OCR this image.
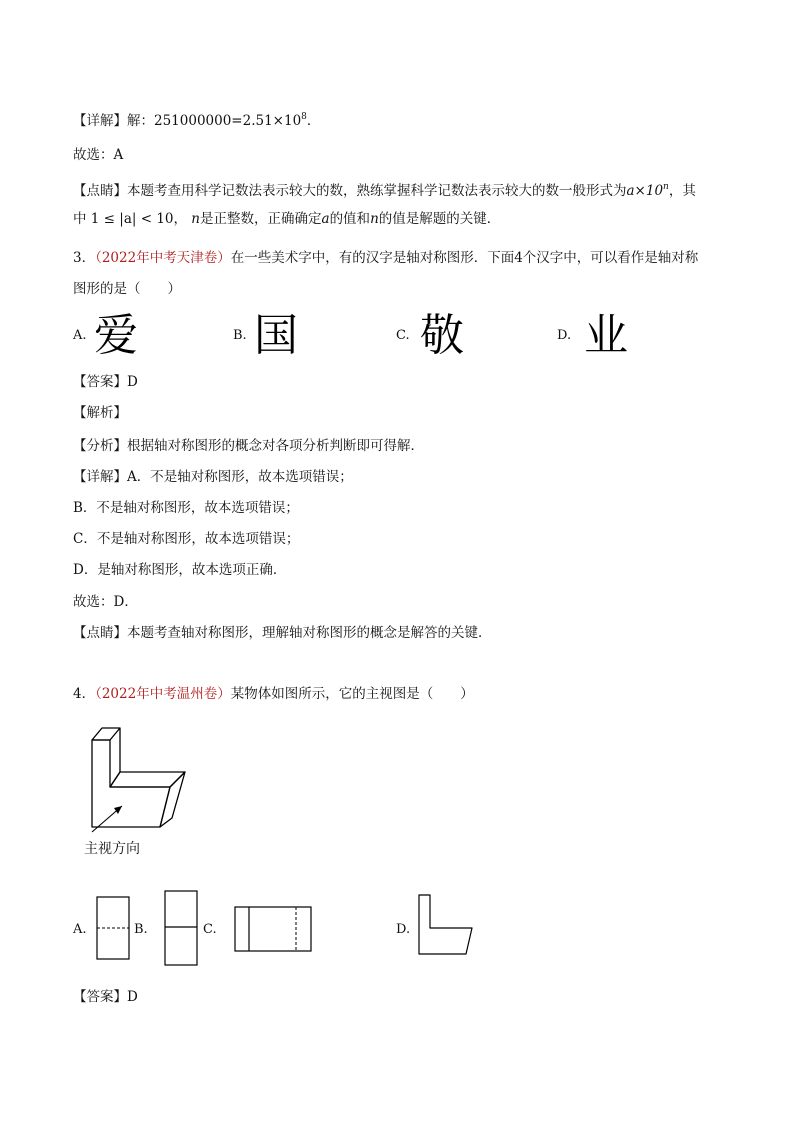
【详解】解：$251000000=2.51\times 10^8$．
故选：A
【点睛】本题考查用科学记数法表示较大的数，熟练掌握科学记数法表示较大的数一般形式为$a\times 10^n$，其
中 1 ≤ |a| < 10， n是正整数，正确确定a的值和n的值是解题的关键．
3．（2022年中考天津卷）在一些美术字中，有的汉字是轴对称图形．下面4个汉字中，可以看作是轴对称
图形的是（　　）
A. 爱	B. 国	C. 敬	D. 业
【答案】D
【解析】
【分析】根据轴对称图形的概念对各项分析判断即可得解．
【详解】A．不是轴对称图形，故本选项错误；
B．不是轴对称图形，故本选项错误；
C．不是轴对称图形，故本选项错误；
D．是轴对称图形，故本选项正确．
故选：D．
【点睛】本题考查轴对称图形，理解轴对称图形的概念是解答的关键．
4．（2022年中考温州卷）某物体如图所示，它的主视图是（　　）
主视方向
A.	B.	C.	D.
【答案】D
